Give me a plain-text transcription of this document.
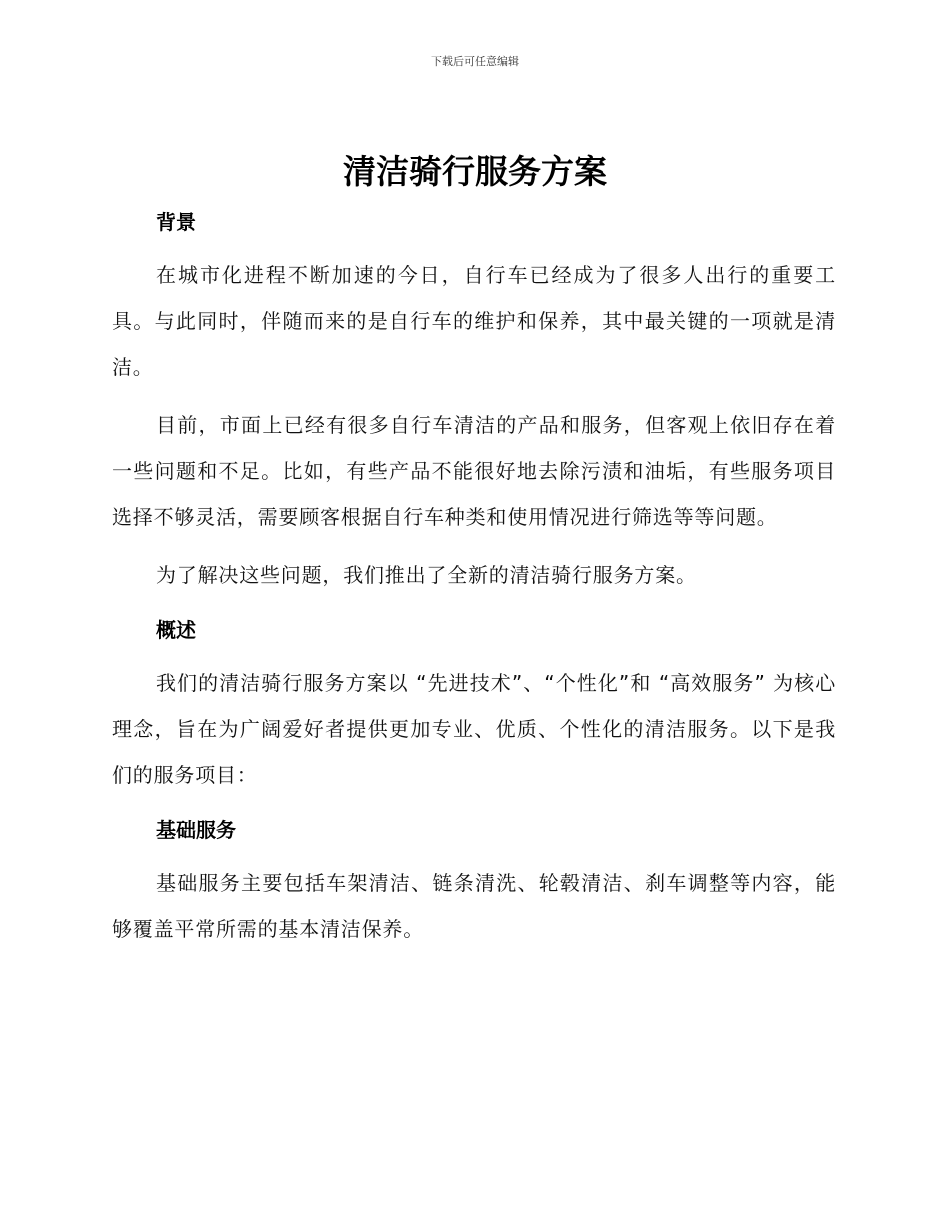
下载后可任意编辑
清洁骑行服务方案
背景

在城市化进程不断加速的今日，自行车已经成为了很多人出行的重要工具。与此同时，伴随而来的是自行车的维护和保养，其中最关键的一项就是清洁。

目前，市面上已经有很多自行车清洁的产品和服务，但客观上依旧存在着一些问题和不足。比如，有些产品不能很好地去除污渍和油垢，有些服务项目选择不够灵活，需要顾客根据自行车种类和使用情况进行筛选等等问题。

为了解决这些问题，我们推出了全新的清洁骑行服务方案。

概述

我们的清洁骑行服务方案以 “先进技术”、“个性化”和 “高效服务” 为核心理念，旨在为广阔爱好者提供更加专业、优质、个性化的清洁服务。以下是我们的服务项目：

基础服务

基础服务主要包括车架清洁、链条清洗、轮毂清洁、刹车调整等内容，能够覆盖平常所需的基本清洁保养。
